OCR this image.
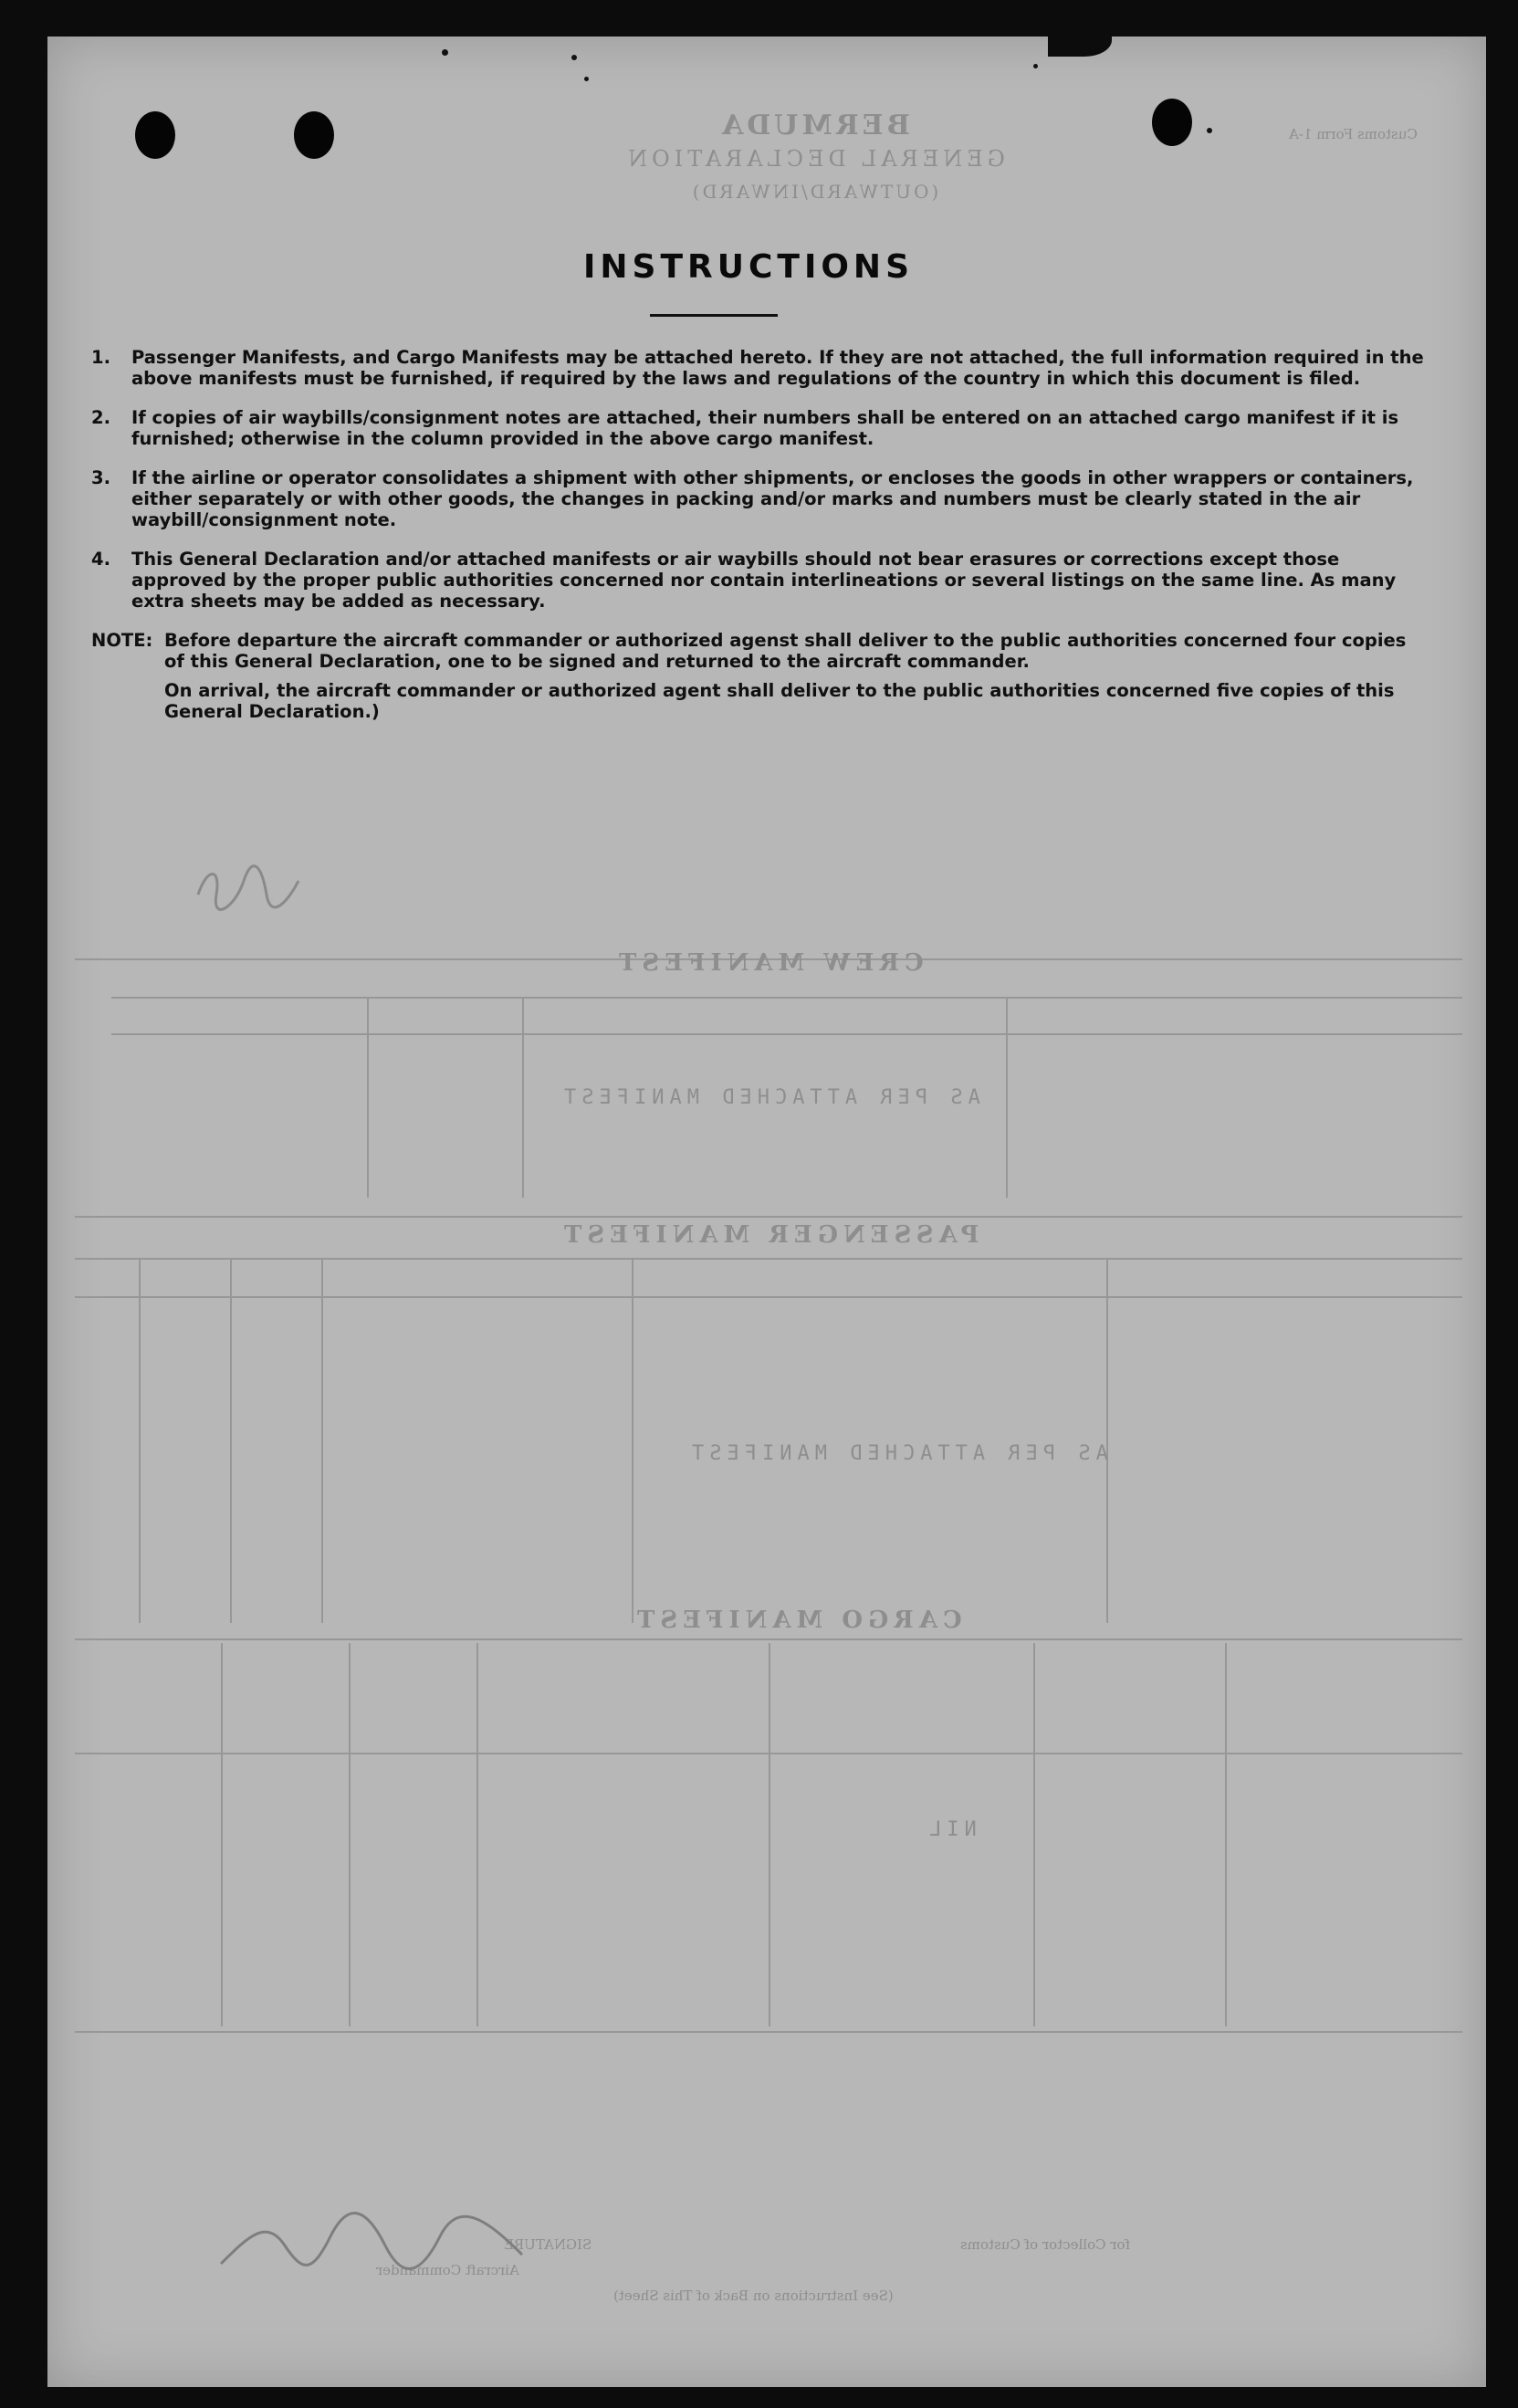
Customs Form 1-A
BERMUDA
GENERAL DECLARATION
(OUTWARD/INWARD)
CREW MANIFEST
AS PER ATTACHED MANIFEST
PASSENGER MANIFEST
AS PER ATTACHED MANIFEST
CARGO MANIFEST
NIL
SIGNATURE	for Collector of Customs
Aircraft Commander
(See Instructions on Back of This Sheet)

INSTRUCTIONS
1.	Passenger Manifests, and Cargo Manifests may be attached hereto. If they are not attached, the full information required in the above manifests must be furnished, if required by the laws and regulations of the country in which this document is filed.
2.	If copies of air waybills/consignment notes are attached, their numbers shall be entered on an attached cargo manifest if it is furnished; otherwise in the column provided in the above cargo manifest.
3.	If the airline or operator consolidates a shipment with other shipments, or encloses the goods in other wrappers or containers, either separately or with other goods, the changes in packing and/or marks and numbers must be clearly stated in the air waybill/consignment note.
4.	This General Declaration and/or attached manifests or air waybills should not bear erasures or corrections except those approved by the proper public authorities concerned nor contain interlineations or several listings on the same line. As many extra sheets may be added as necessary.
NOTE: Before departure the aircraft commander or authorized agenst shall deliver to the public authorities concerned four copies of this General Declaration, one to be signed and returned to the aircraft commander.

On arrival, the aircraft commander or authorized agent shall deliver to the public authorities concerned five copies of this General Declaration.)
